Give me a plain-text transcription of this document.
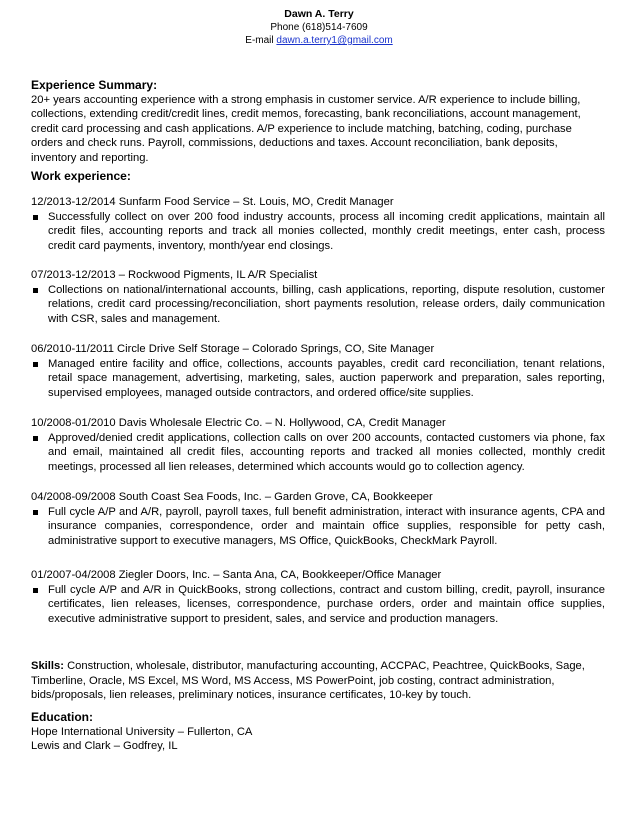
Dawn A. Terry
Phone (618)514-7609
E-mail dawn.a.terry1@gmail.com
Experience Summary:
20+ years accounting experience with a strong emphasis in customer service. A/R experience to include billing, collections, extending credit/credit lines, credit memos, forecasting, bank reconciliations, account management, credit card processing and cash applications. A/P experience to include matching, batching, coding, purchase orders and check runs. Payroll, commissions, deductions and taxes. Account reconciliation, bank deposits, inventory and reporting.
Work experience:
12/2013-12/2014 Sunfarm Food Service – St. Louis, MO, Credit Manager
Successfully collect on over 200 food industry accounts, process all incoming credit applications, maintain all credit files, accounting reports and track all monies collected, monthly credit meetings, enter cash, process credit card payments, inventory, month/year end closings.
07/2013-12/2013 – Rockwood Pigments, IL A/R Specialist
Collections on national/international accounts, billing, cash applications, reporting, dispute resolution, customer relations, credit card processing/reconciliation, short payments resolution, release orders, daily communication with CSR, sales and management.
06/2010-11/2011 Circle Drive Self Storage – Colorado Springs, CO, Site Manager
Managed entire facility and office, collections, accounts payables, credit card reconciliation, tenant relations, retail space management, advertising, marketing, sales, auction paperwork and preparation, sales reporting, supervised employees, managed outside contractors, and ordered office/site supplies.
10/2008-01/2010 Davis Wholesale Electric Co. – N. Hollywood, CA, Credit Manager
Approved/denied credit applications, collection calls on over 200 accounts, contacted customers via phone, fax and email, maintained all credit files, accounting reports and tracked all monies collected, monthly credit meetings, processed all lien releases, determined which accounts would go to collection agency.
04/2008-09/2008 South Coast Sea Foods, Inc. – Garden Grove, CA, Bookkeeper
Full cycle A/P and A/R, payroll, payroll taxes, full benefit administration, interact with insurance agents, CPA and insurance companies, correspondence, order and maintain office supplies, responsible for petty cash, administrative support to executive managers, MS Office, QuickBooks, CheckMark Payroll.
01/2007-04/2008 Ziegler Doors, Inc. – Santa Ana, CA, Bookkeeper/Office Manager
Full cycle A/P and A/R in QuickBooks, strong collections, contract and custom billing, credit, payroll, insurance certificates, lien releases, licenses, correspondence, purchase orders, order and maintain office supplies, executive administrative support to president, sales, and service and production managers.
Skills: Construction, wholesale, distributor, manufacturing accounting, ACCPAC, Peachtree, QuickBooks, Sage, Timberline, Oracle, MS Excel, MS Word, MS Access, MS PowerPoint, job costing, contract administration, bids/proposals, lien releases, preliminary notices, insurance certificates, 10-key by touch.
Education:
Hope International University – Fullerton, CA
Lewis and Clark – Godfrey, IL
